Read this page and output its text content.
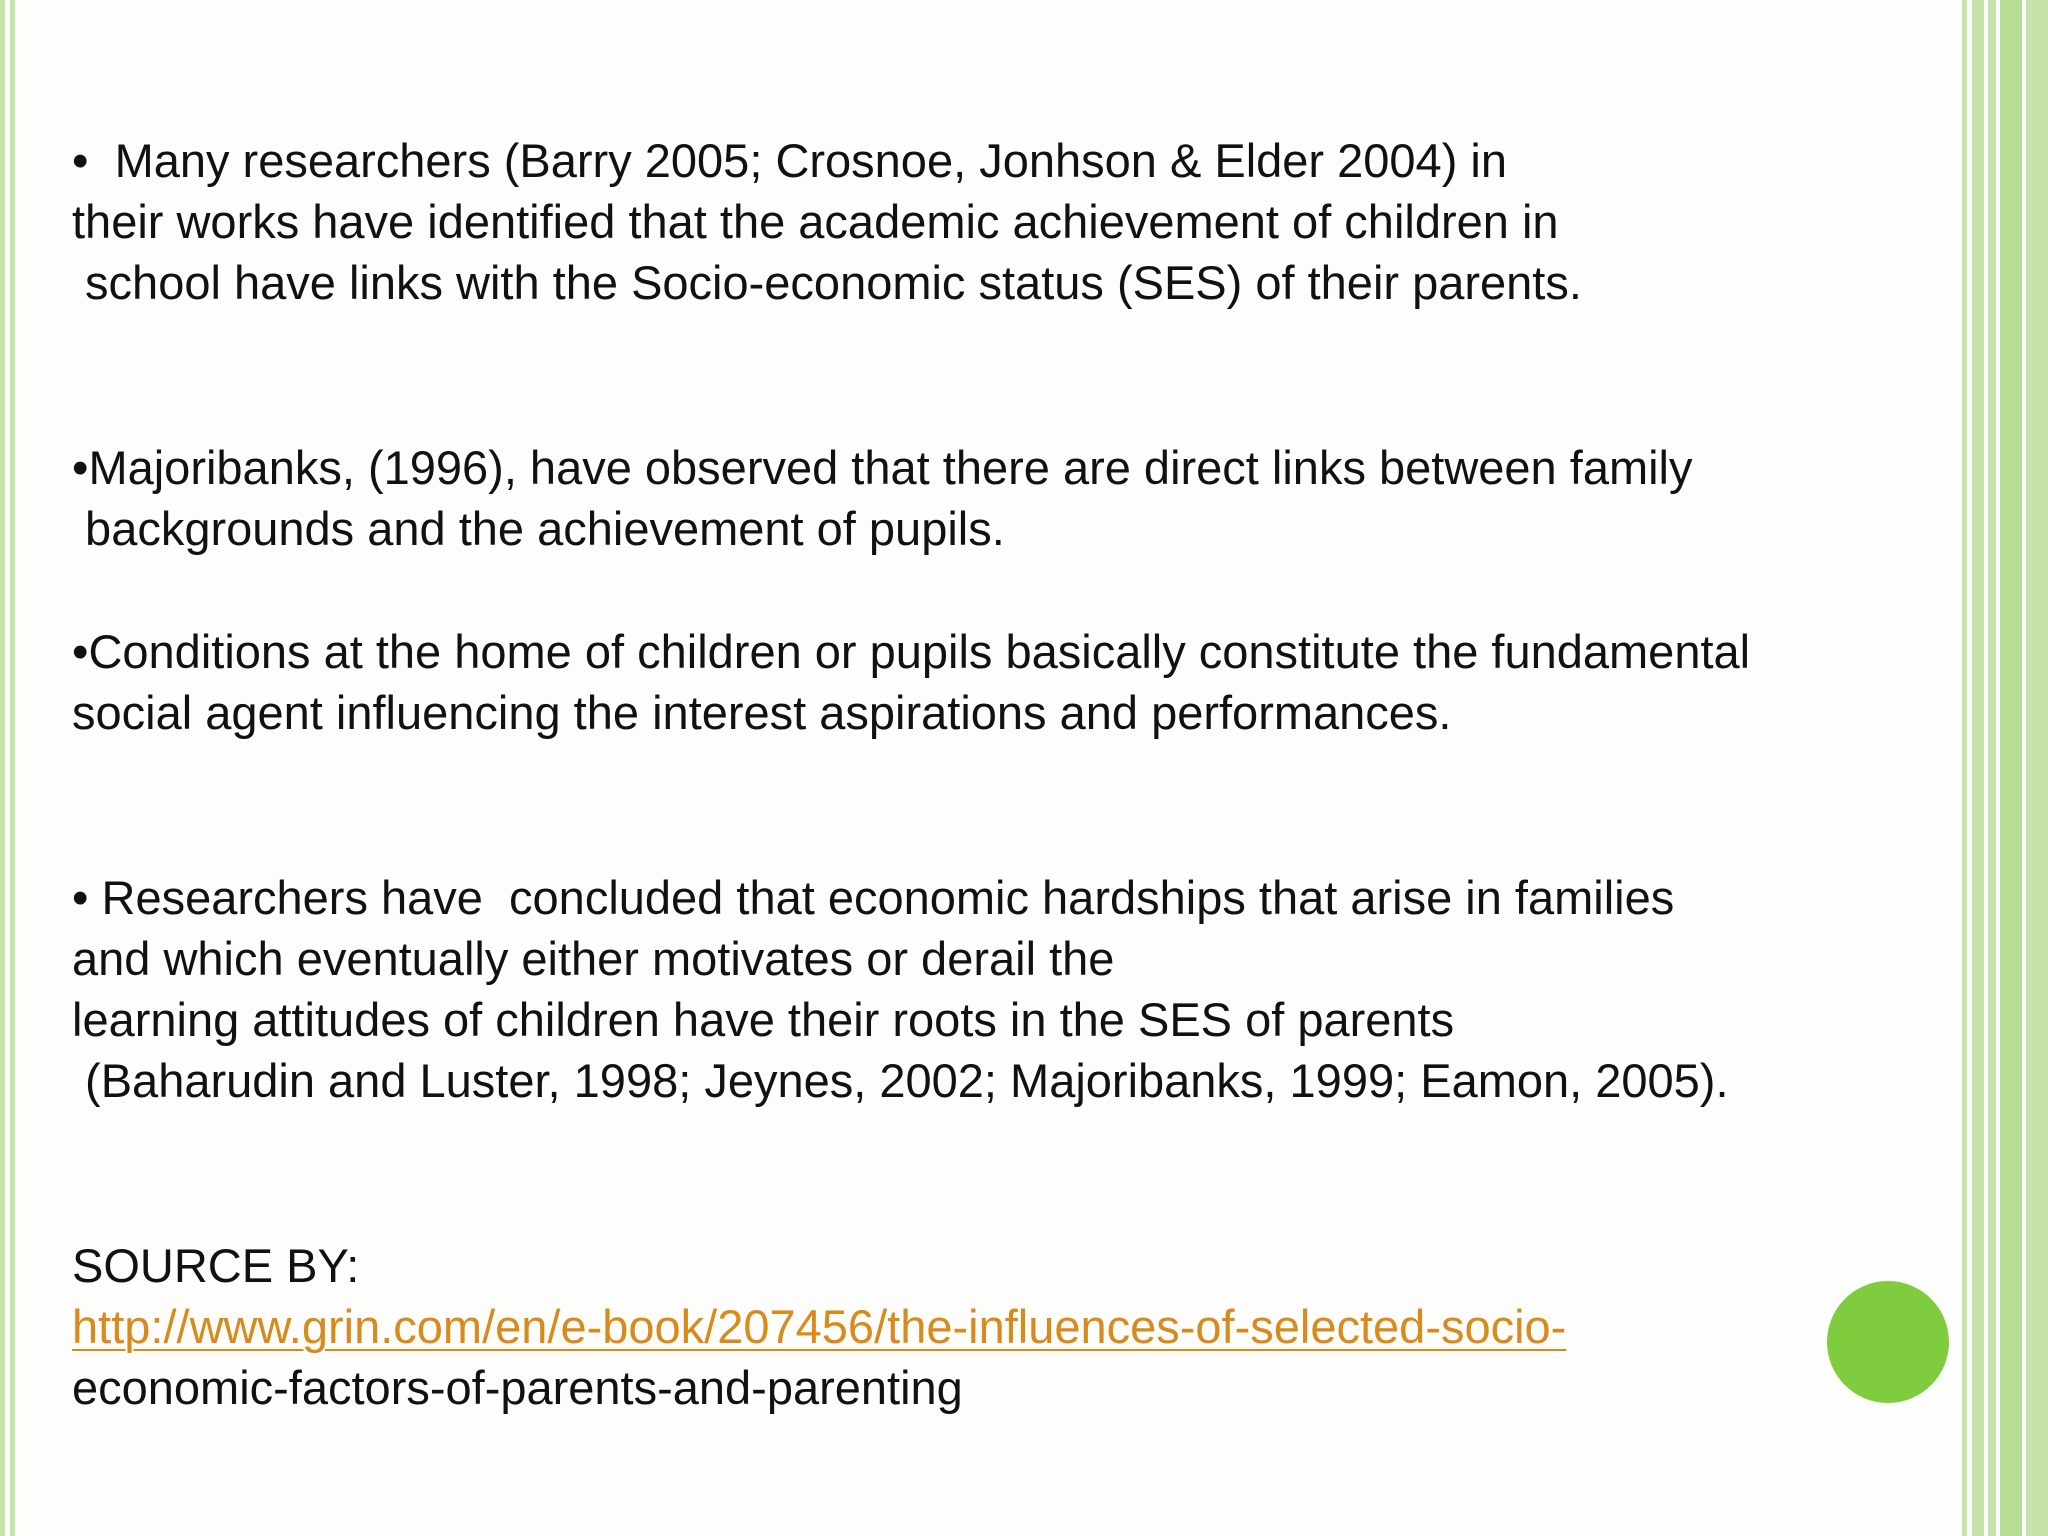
•  Many researchers (Barry 2005; Crosnoe, Jonhson & Elder 2004) in
their works have identified that the academic achievement of children in
school have links with the Socio-economic status (SES) of their parents.
•Majoribanks, (1996), have observed that there are direct links between family
backgrounds and the achievement of pupils.
•Conditions at the home of children or pupils basically constitute the fundamental
social agent influencing the interest aspirations and performances.
• Researchers have  concluded that economic hardships that arise in families
and which eventually either motivates or derail the
learning attitudes of children have their roots in the SES of parents
(Baharudin and Luster, 1998; Jeynes, 2002; Majoribanks, 1999; Eamon, 2005).
SOURCE BY:
http://www.grin.com/en/e-book/207456/the-influences-of-selected-socio-
economic-factors-of-parents-and-parenting
